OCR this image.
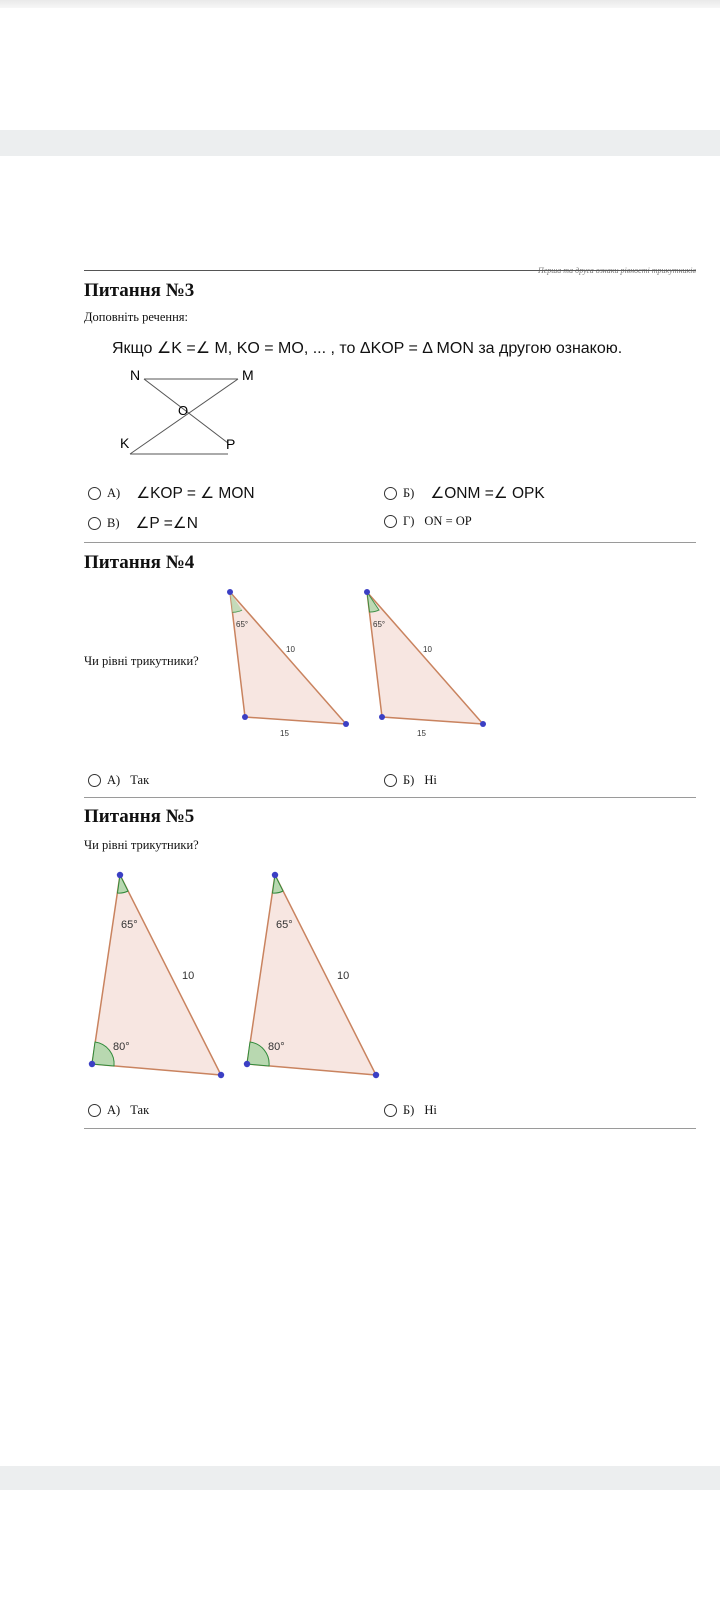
Перша та друга ознаки рівності трикутників
Питання №3
Доповніть речення:
Якщо ∠K =∠ M, KO = MO, ... , то ΔKOP = Δ MON за другою ознакою.
N	M
O
K	P
А) ∠KOP = ∠ MON	Б) ∠ONM =∠ OPK
В) ∠P =∠N	Г) ON = OP
Питання №4
Чи рівні трикутники?
65°
10
15
65°
10
15
А) Так	Б) Ні
Питання №5
Чи рівні трикутники?
65°
10
80°
65°
10
80°
А) Так	Б) Ні
